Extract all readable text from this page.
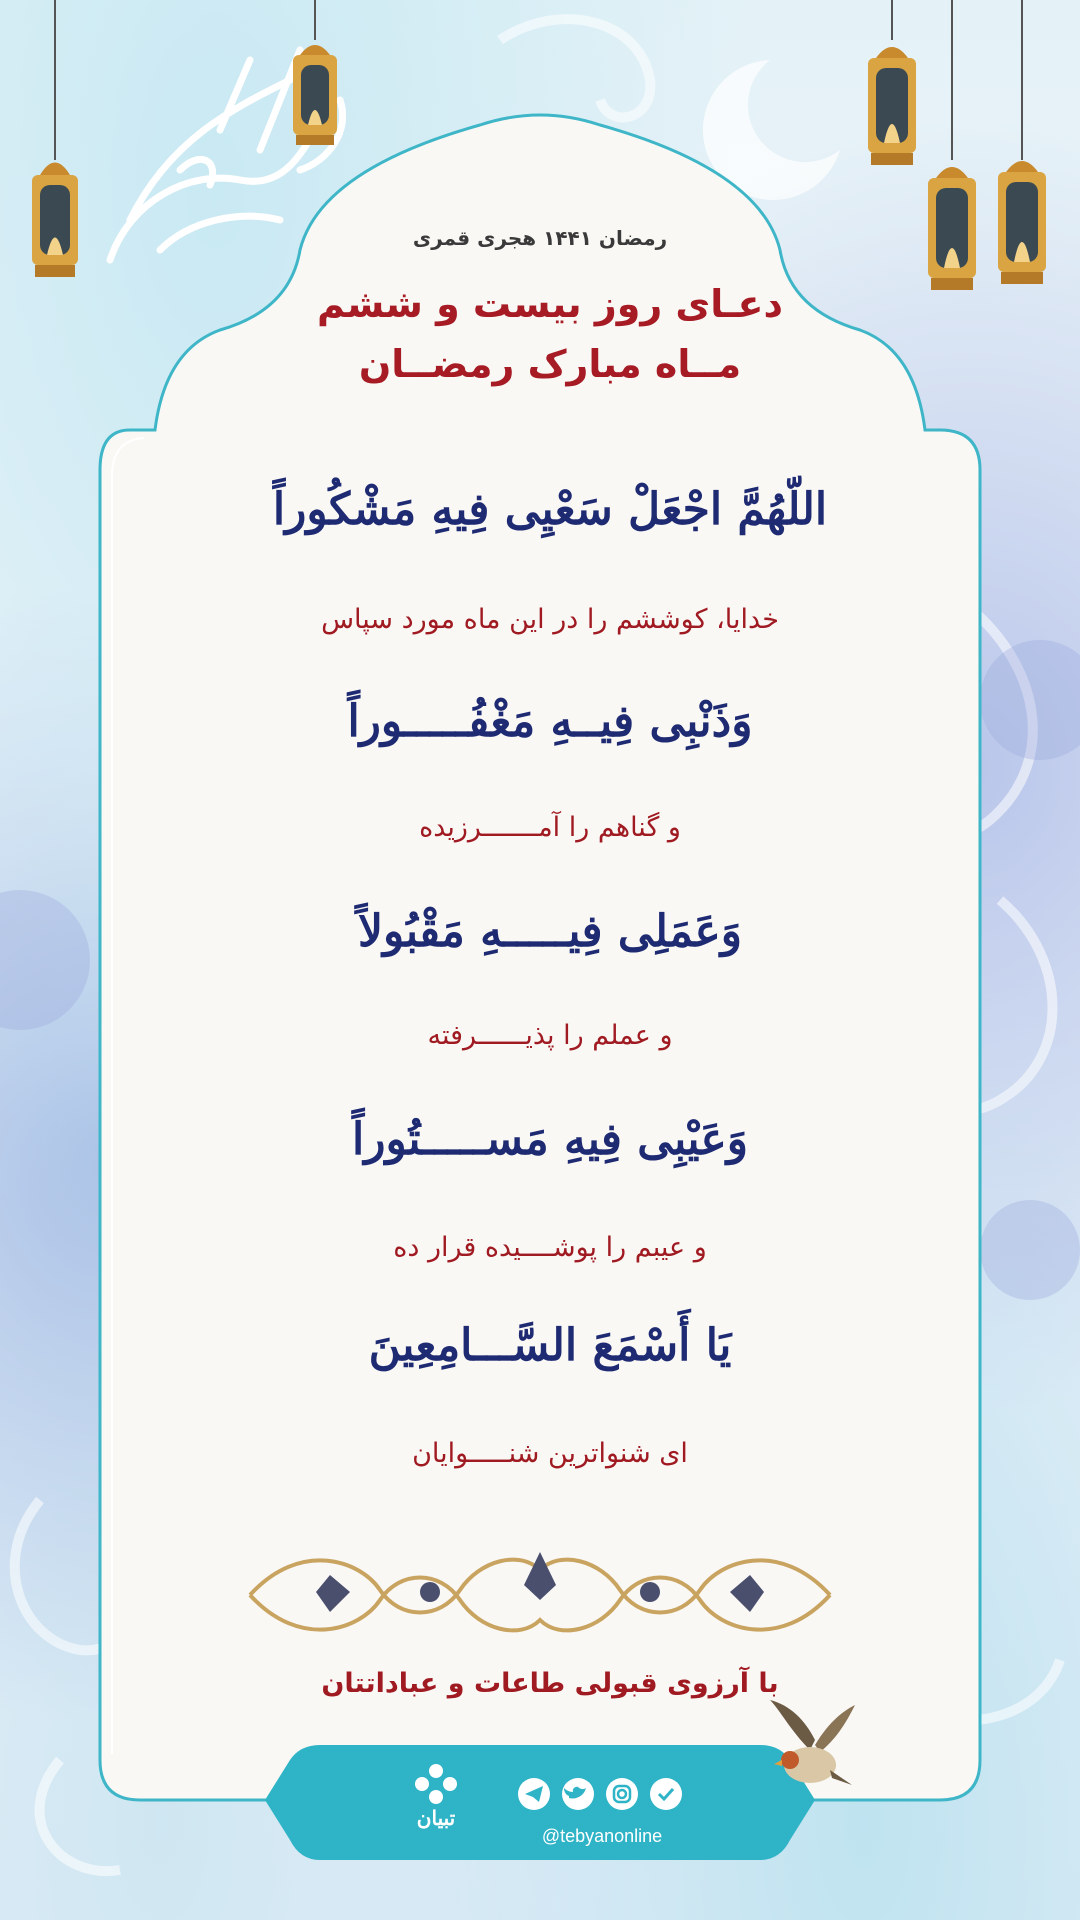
رمضان ۱۴۴۱ هجری قمری
دعـای روز بیست و ششم
مــاه مبارک رمضــان
اللّهُمَّ اجْعَلْ سَعْیِی فِیهِ مَشْکُوراً
خدایا، کوششم را در این ماه مورد سپاس
وَذَنْبِی فِیــهِ مَغْفُـــــوراً
و گناهم را آمـــــــرزیده
وَعَمَلِی فِیـــــهِ مَقْبُولاً
و عملم را پذیــــــرفته
وَعَیْبِی فِیهِ مَســـــتُوراً
و عیبم را پوشــــیده قرار ده
یَا أَسْمَعَ السَّـــامِعِینَ
ای شنواترین شنـــــوایان
با آرزوی قبولی طاعات و عباداتتان
تبیان
@tebyanonline
